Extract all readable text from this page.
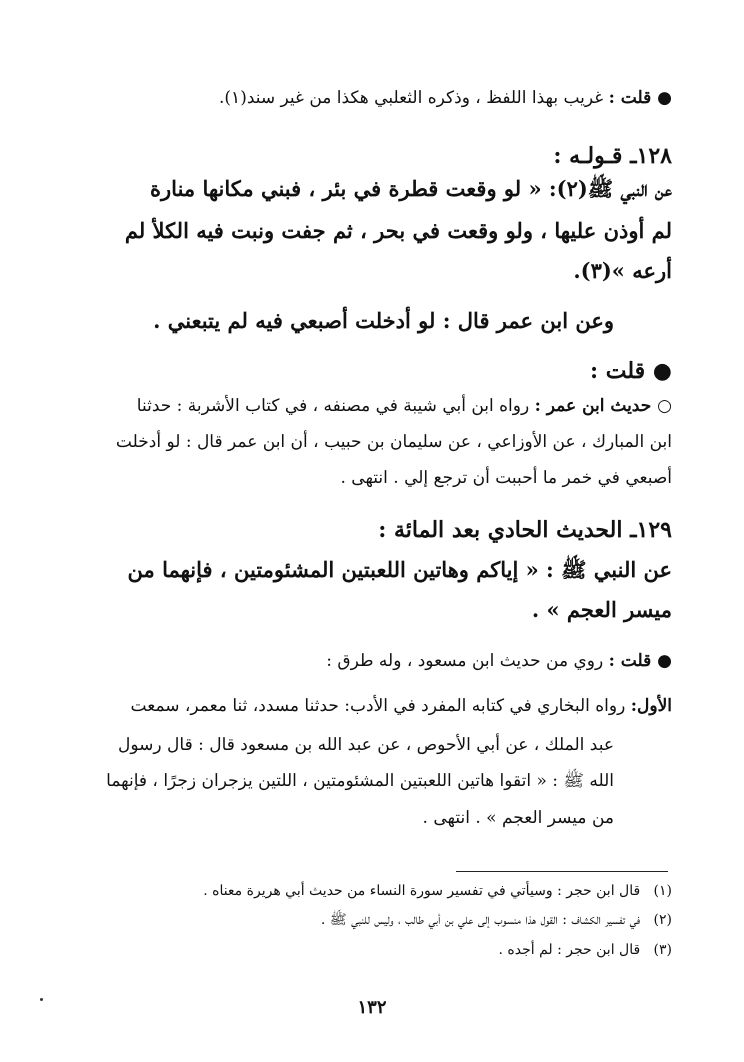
● قلت : غريب بهذا اللفظ ، وذكره الثعلبي هكذا من غير سند(١).
١٢٨ـ قـولـه :
عن النبي ﷺ(٢): « لو وقعت قطرة في بئر ، فبني مكانها منارة
لم أوذن عليها ، ولو وقعت في بحر ، ثم جفت ونبت فيه الكلأ لم
أرعه »(٣).
وعن ابن عمر قال : لو أدخلت أصبعي فيه لم يتبعني .
● قلت :
○ حديث ابن عمر : رواه ابن أبي شيبة في مصنفه ، في كتاب الأشربة : حدثنا
ابن المبارك ، عن الأوزاعي ، عن سليمان بن حبيب ، أن ابن عمر قال : لو أدخلت
أصبعي في خمر ما أحببت أن ترجع إلي . انتهى .
١٢٩ـ الحديث الحادي بعد المائة :
عن النبي ﷺ : « إياكم وهاتين اللعبتين المشئومتين ، فإنهما من
ميسر العجم » .
● قلت : روي من حديث ابن مسعود ، وله طرق :
الأول: رواه البخاري في كتابه المفرد في الأدب: حدثنا مسدد، ثنا معمر، سمعت
عبد الملك ، عن أبي الأحوص ، عن عبد الله بن مسعود قال : قال رسول
الله ﷺ : « اتقوا هاتين اللعبتين المشئومتين ، اللتين يزجران زجرًا ، فإنهما
من ميسر العجم » . انتهى .
(١)   قال ابن حجر : وسيأتي في تفسير سورة النساء من حديث أبي هريرة معناه .
(٢)   في تفسير الكشاف : القول هذا منسوب إلى علي بن أبي طالب ، وليس للنبي ﷺ .
(٣)   قال ابن حجر : لم أجده .
١٣٢
